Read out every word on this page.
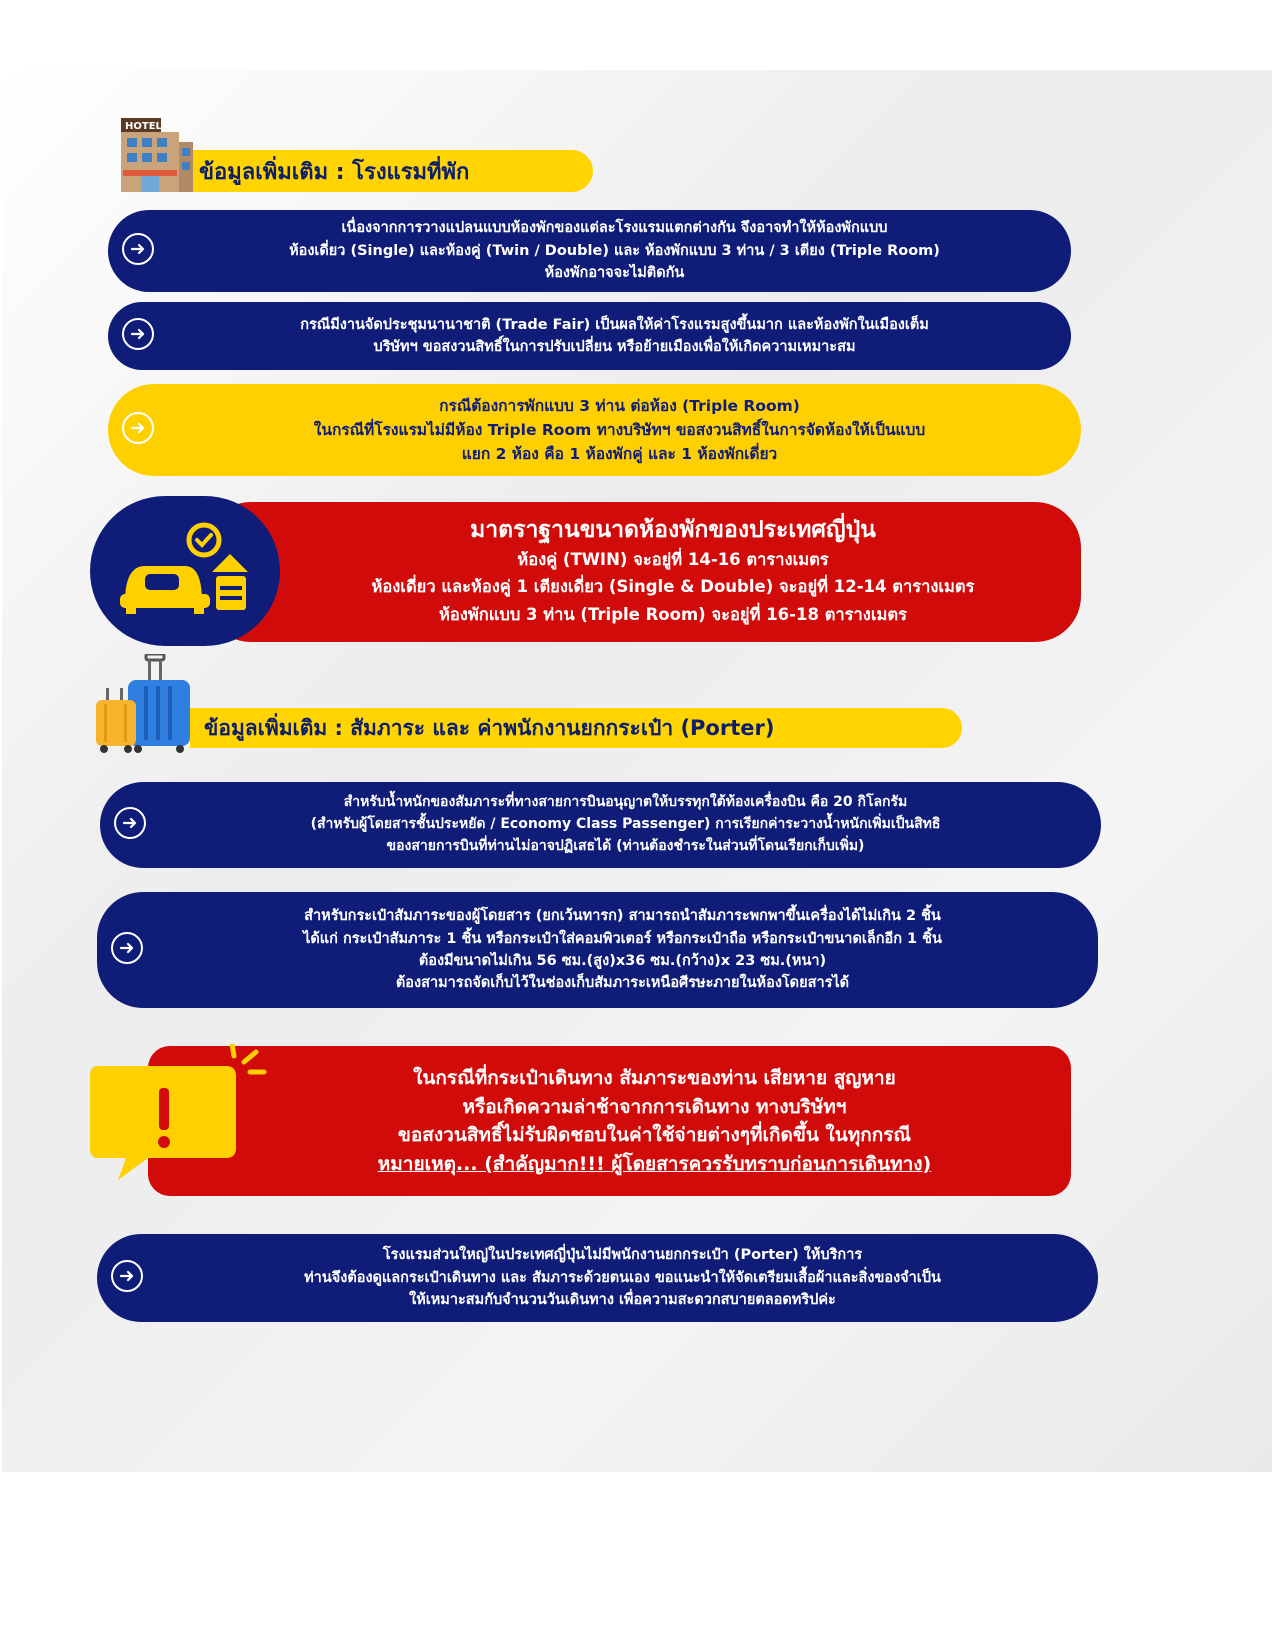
ข้อมูลเพิ่มเติม : โรงแรมที่พัก
HOTEL
เนื่องจากการวางแปลนแบบห้องพักของแต่ละโรงแรมแตกต่างกัน จึงอาจทำให้ห้องพักแบบ
ห้องเดี่ยว (Single) และห้องคู่ (Twin / Double) และ ห้องพักแบบ 3 ท่าน / 3 เตียง (Triple Room)
ห้องพักอาจจะไม่ติดกัน
กรณีมีงานจัดประชุมนานาชาติ (Trade Fair) เป็นผลให้ค่าโรงแรมสูงขึ้นมาก และห้องพักในเมืองเต็ม
บริษัทฯ ขอสงวนสิทธิ์ในการปรับเปลี่ยน หรือย้ายเมืองเพื่อให้เกิดความเหมาะสม
กรณีต้องการพักแบบ 3 ท่าน ต่อห้อง (Triple Room)
ในกรณีที่โรงแรมไม่มีห้อง Triple Room ทางบริษัทฯ ขอสงวนสิทธิ์ในการจัดห้องให้เป็นแบบ
แยก 2 ห้อง คือ 1 ห้องพักคู่ และ 1 ห้องพักเดี่ยว
มาตราฐานขนาดห้องพักของประเทศญี่ปุ่น
ห้องคู่ (TWIN) จะอยู่ที่ 14-16 ตารางเมตร
ห้องเดี่ยว และห้องคู่ 1 เตียงเดี่ยว (Single & Double) จะอยู่ที่ 12-14 ตารางเมตร
ห้องพักแบบ 3 ท่าน (Triple Room) จะอยู่ที่ 16-18 ตารางเมตร
ข้อมูลเพิ่มเติม : สัมภาระ และ ค่าพนักงานยกกระเป๋า (Porter)
สำหรับน้ำหนักของสัมภาระที่ทางสายการบินอนุญาตให้บรรทุกใต้ท้องเครื่องบิน คือ 20 กิโลกรัม
(สำหรับผู้โดยสารชั้นประหยัด / Economy Class Passenger) การเรียกค่าระวางน้ำหนักเพิ่มเป็นสิทธิ
ของสายการบินที่ท่านไม่อาจปฏิเสธได้ (ท่านต้องชำระในส่วนที่โดนเรียกเก็บเพิ่ม)
สำหรับกระเป๋าสัมภาระของผู้โดยสาร (ยกเว้นทารก) สามารถนำสัมภาระพกพาขึ้นเครื่องได้ไม่เกิน 2 ชิ้น
ได้แก่ กระเป๋าสัมภาระ 1 ชิ้น หรือกระเป๋าใส่คอมพิวเตอร์ หรือกระเป๋าถือ หรือกระเป๋าขนาดเล็กอีก 1 ชิ้น
ต้องมีขนาดไม่เกิน 56 ซม.(สูง)x36 ซม.(กว้าง)x 23 ซม.(หนา)
ต้องสามารถจัดเก็บไว้ในช่องเก็บสัมภาระเหนือศีรษะภายในห้องโดยสารได้
ในกรณีที่กระเป๋าเดินทาง สัมภาระของท่าน เสียหาย สูญหาย
หรือเกิดความล่าช้าจากการเดินทาง ทางบริษัทฯ
ขอสงวนสิทธิ์ไม่รับผิดชอบในค่าใช้จ่ายต่างๆที่เกิดขึ้น ในทุกกรณี
หมายเหตุ... (สำคัญมาก!!! ผู้โดยสารควรรับทราบก่อนการเดินทาง)
โรงแรมส่วนใหญ่ในประเทศญี่ปุ่นไม่มีพนักงานยกกระเป๋า (Porter) ให้บริการ
ท่านจึงต้องดูแลกระเป๋าเดินทาง และ สัมภาระด้วยตนเอง ขอแนะนำให้จัดเตรียมเสื้อผ้าและสิ่งของจำเป็น
ให้เหมาะสมกับจำนวนวันเดินทาง เพื่อความสะดวกสบายตลอดทริปค่ะ
